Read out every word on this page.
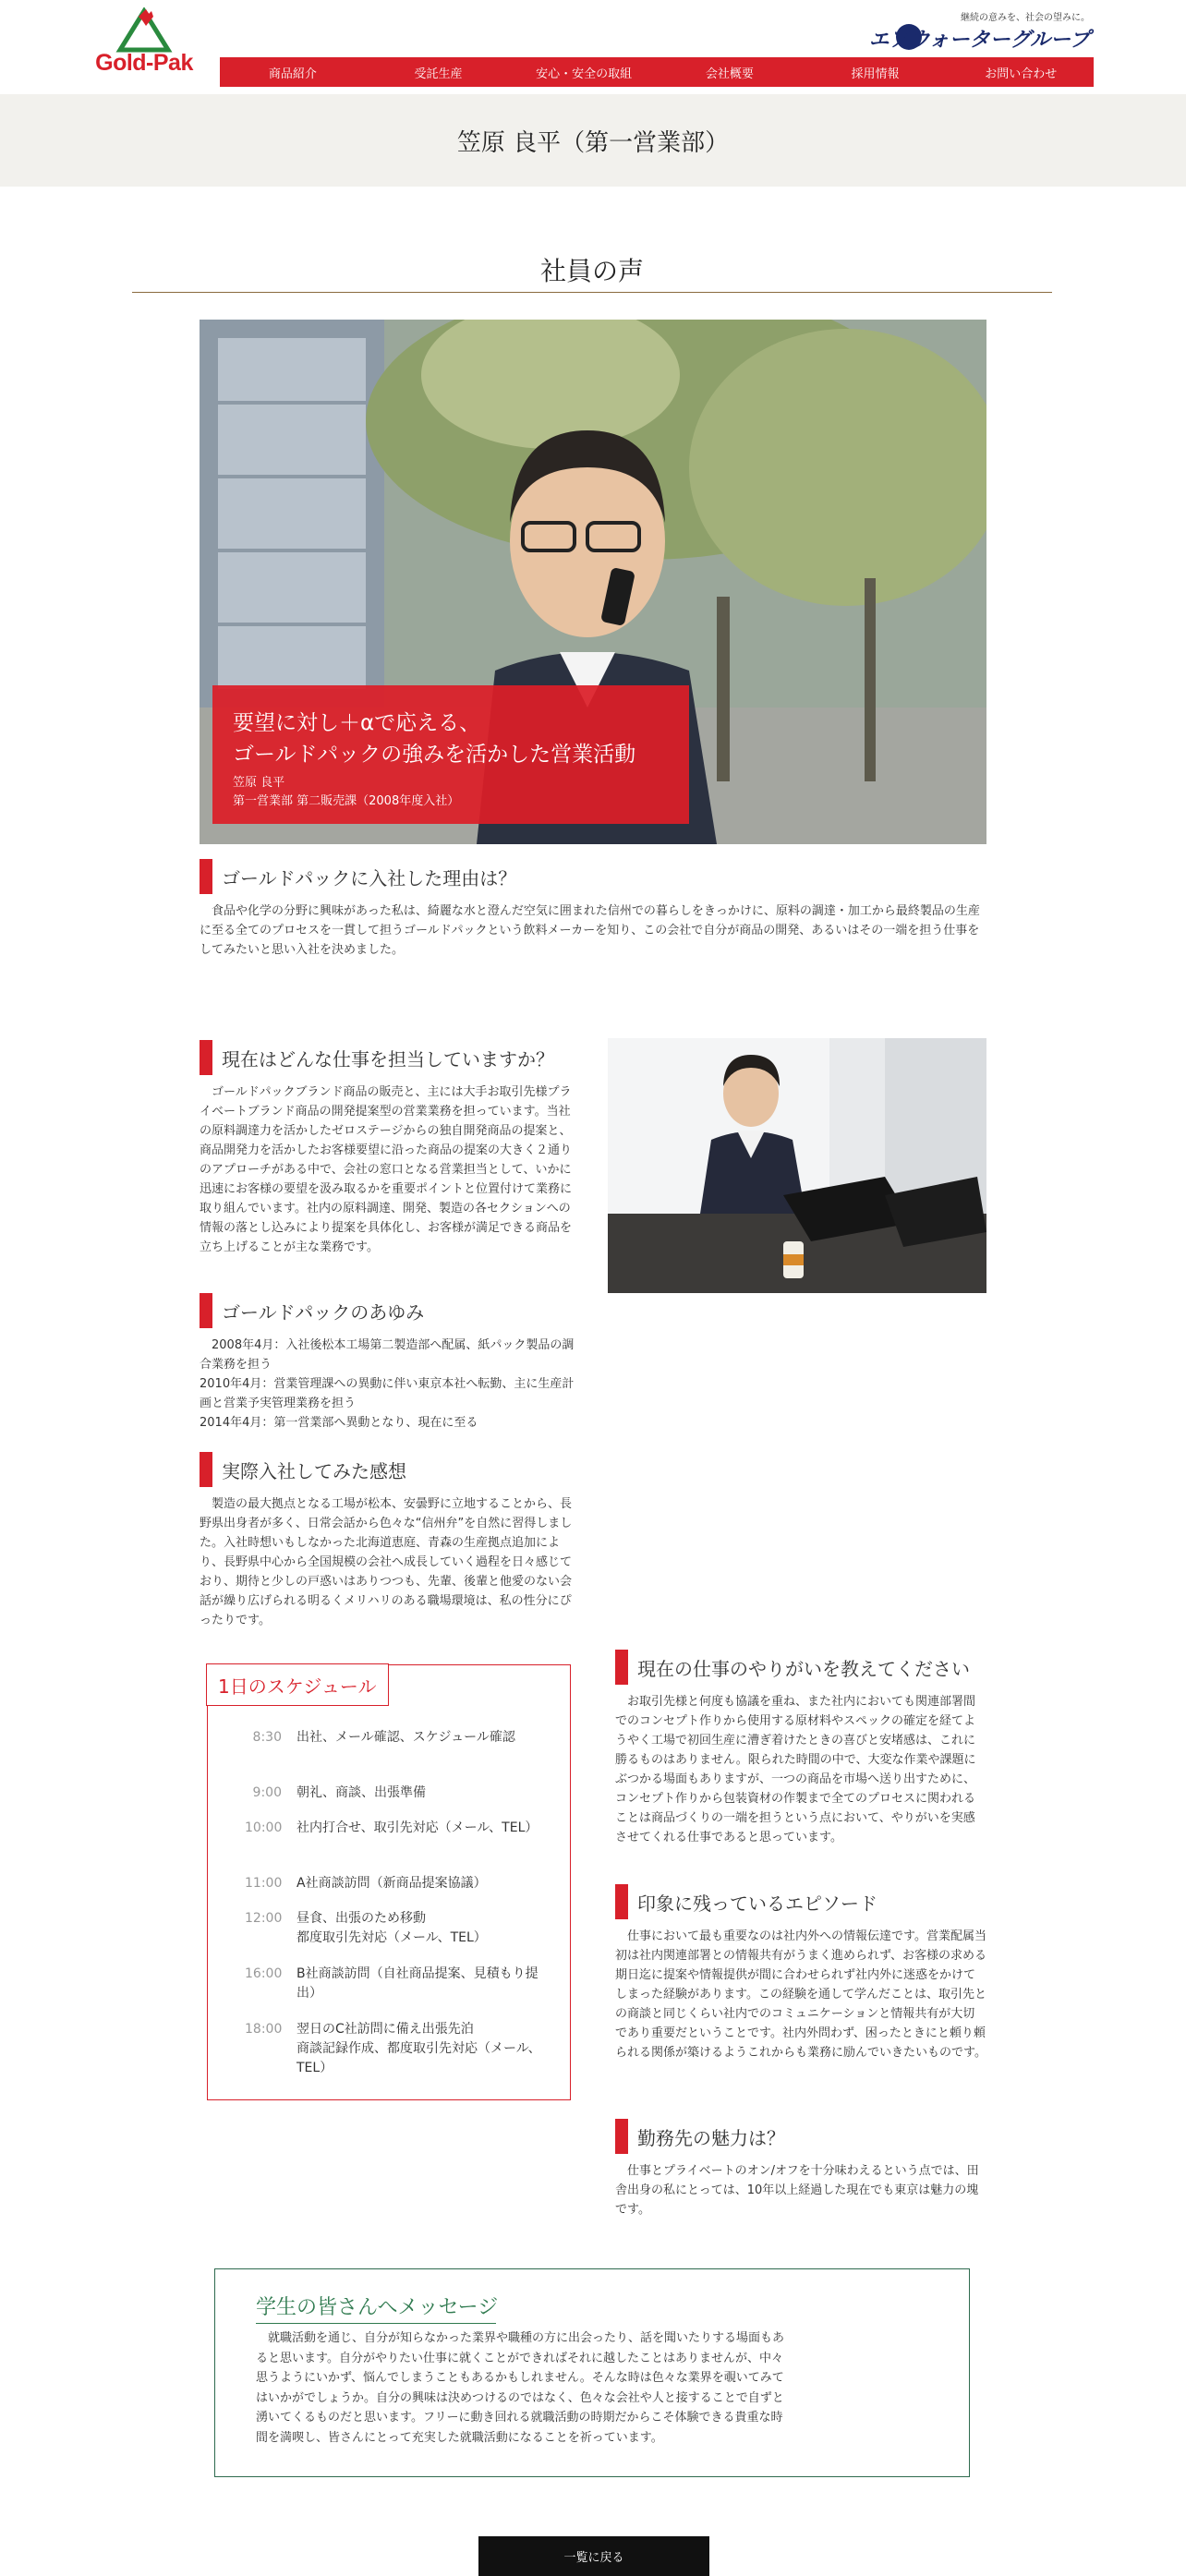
Gold-Pak
継続の意みを、社会の望みに。
エアウォーターグループ
商品紹介	受託生産	安心・安全の取組	会社概要	採用情報	お問い合わせ
笠原 良平（第一営業部）
社員の声
要望に対し＋αで応える、
ゴールドパックの強みを活かした営業活動
笠原 良平
第一営業部 第二販売課（2008年度入社）
ゴールドパックに入社した理由は？
食品や化学の分野に興味があった私は、綺麗な水と澄んだ空気に囲まれた信州での暮らしをきっかけに、原料の調達・加工から最終製品の生産に至る全てのプロセスを一貫して担うゴールドパックという飲料メーカーを知り、この会社で自分が商品の開発、あるいはその一端を担う仕事をしてみたいと思い入社を決めました。
現在はどんな仕事を担当していますか？
ゴールドパックブランド商品の販売と、主には大手お取引先様プライベートブランド商品の開発提案型の営業業務を担っています。当社の原料調達力を活かしたゼロステージからの独自開発商品の提案と、商品開発力を活かしたお客様要望に沿った商品の提案の大きく２通りのアプローチがある中で、会社の窓口となる営業担当として、いかに迅速にお客様の要望を汲み取るかを重要ポイントと位置付けて業務に取り組んでいます。社内の原料調達、開発、製造の各セクションへの情報の落とし込みにより提案を具体化し、お客様が満足できる商品を立ち上げることが主な業務です。
ゴールドパックのあゆみ
2008年4月：入社後松本工場第二製造部へ配属、紙パック製品の調合業務を担う
2010年4月：営業管理課への異動に伴い東京本社へ転勤、主に生産計画と営業予実管理業務を担う
2014年4月：第一営業部へ異動となり、現在に至る
実際入社してみた感想
製造の最大拠点となる工場が松本、安曇野に立地することから、長野県出身者が多く、日常会話から色々な“信州弁”を自然に習得しました。入社時想いもしなかった北海道恵庭、青森の生産拠点追加により、長野県中心から全国規模の会社へ成長していく過程を日々感じており、期待と少しの戸惑いはありつつも、先輩、後輩と他愛のない会話が繰り広げられる明るくメリハリのある職場環境は、私の性分にぴったりです。
1日のスケジュール
8:30	出社、メール確認、スケジュール確認
9:00	朝礼、商談、出張準備
10:00	社内打合せ、取引先対応（メール、TEL）
11:00	A社商談訪問（新商品提案協議）
12:00	昼食、出張のため移動
都度取引先対応（メール、TEL）
16:00	B社商談訪問（自社商品提案、見積もり提出）
18:00	翌日のC社訪問に備え出張先泊
商談記録作成、都度取引先対応（メール、TEL）
現在の仕事のやりがいを教えてください
お取引先様と何度も協議を重ね、また社内においても関連部署間でのコンセプト作りから使用する原材料やスペックの確定を経てようやく工場で初回生産に漕ぎ着けたときの喜びと安堵感は、これに勝るものはありません。限られた時間の中で、大変な作業や課題にぶつかる場面もありますが、一つの商品を市場へ送り出すために、コンセプト作りから包装資材の作製まで全てのプロセスに関われることは商品づくりの一端を担うという点において、やりがいを実感させてくれる仕事であると思っています。
印象に残っているエピソード
仕事において最も重要なのは社内外への情報伝達です。営業配属当初は社内関連部署との情報共有がうまく進められず、お客様の求める期日迄に提案や情報提供が間に合わせられず社内外に迷惑をかけてしまった経験があります。この経験を通して学んだことは、取引先との商談と同じくらい社内でのコミュニケーションと情報共有が大切であり重要だということです。社内外問わず、困ったときにと頼り頼られる関係が築けるようこれからも業務に励んでいきたいものです。
勤務先の魅力は？
仕事とプライベートのオン/オフを十分味わえるという点では、田舎出身の私にとっては、10年以上経過した現在でも東京は魅力の塊です。
学生の皆さんへメッセージ
就職活動を通じ、自分が知らなかった業界や職種の方に出会ったり、話を聞いたりする場面もあると思います。自分がやりたい仕事に就くことができればそれに越したことはありませんが、中々思うようにいかず、悩んでしまうこともあるかもしれません。そんな時は色々な業界を覗いてみてはいかがでしょうか。自分の興味は決めつけるのではなく、色々な会社や人と接することで自ずと湧いてくるものだと思います。フリーに動き回れる就職活動の時期だからこそ体験できる貴重な時間を満喫し、皆さんにとって充実した就職活動になることを祈っています。
一覧に戻る
